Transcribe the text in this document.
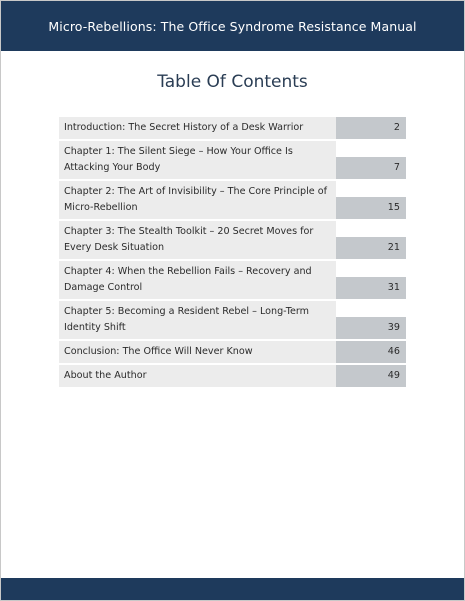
Micro-Rebellions: The Office Syndrome Resistance Manual
Table Of Contents
Introduction: The Secret History of a Desk Warrior	2

Chapter 1: The Silent Siege – How Your Office Is Attacking Your Body	7

Chapter 2: The Art of Invisibility – The Core Principle of Micro-Rebellion	15

Chapter 3: The Stealth Toolkit – 20 Secret Moves for Every Desk Situation	21

Chapter 4: When the Rebellion Fails – Recovery and Damage Control	31

Chapter 5: Becoming a Resident Rebel – Long-Term Identity Shift	39

Conclusion: The Office Will Never Know	46

About the Author	49
